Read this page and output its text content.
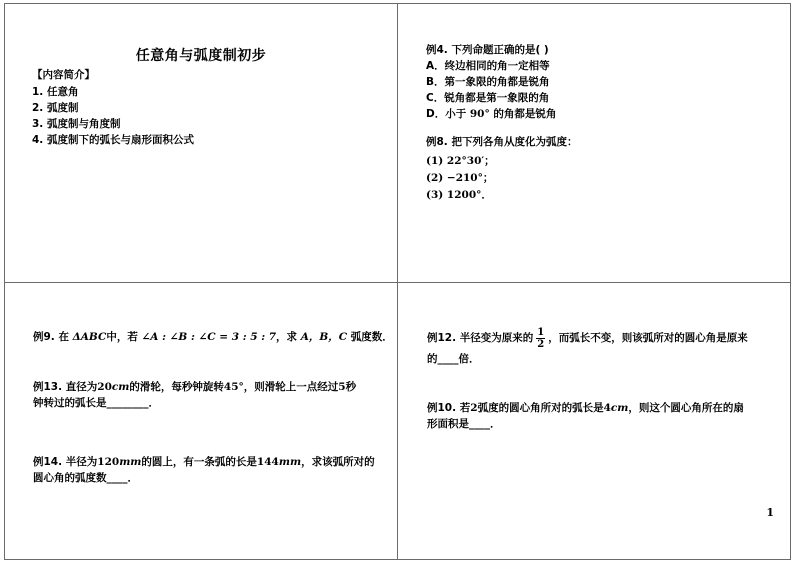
任意角与弧度制初步
【内容简介】
1. 任意角
2. 弧度制
3. 弧度制与角度制
4. 弧度制下的弧长与扇形面积公式
例4. 下列命题正确的是( )
A．终边相同的角一定相等
B．第一象限的角都是锐角
C．锐角都是第一象限的角
D．小于 90° 的角都是锐角
例8. 把下列各角从度化为弧度：
(1) 22°30′；
(2) −210°；
(3) 1200°．
例9. 在 ΔABC中，若 ∠A : ∠B : ∠C = 3 : 5 : 7，求 A，B，C 弧度数．
例13. 直径为20cm的滑轮，每秒钟旋转45°，则滑轮上一点经过5秒
钟转过的弧长是________．
例14. 半径为120mm的圆上，有一条弧的长是144mm，求该弧所对的
圆心角的弧度数____．
例12. 半径变为原来的 $\frac{1}{2}$ ，而弧长不变，则该弧所对的圆心角是原来
的____倍．
例10. 若2弧度的圆心角所对的弧长是4cm，则这个圆心角所在的扇
形面积是____．
1
